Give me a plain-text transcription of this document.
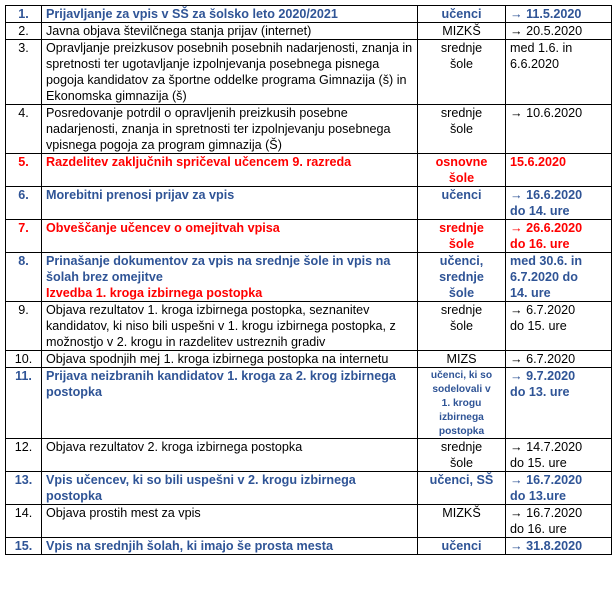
1.	Prijavljanje za vpis v SŠ za šolsko leto 2020/2021	učenci	→ 11.5.2020

2.	Javna objava številčnega stanja prijav (internet)	MIZKŠ	→ 20.5.2020

3.	Opravljanje preizkusov posebnih posebnih nadarjenosti, znanja in spretnosti ter ugotavljanje izpolnjevanja posebnega pisnega pogoja kandidatov za športne oddelke programa Gimnazija (š) in Ekonomska gimnazija (š)	srednje
šole	med 1.6. in
6.6.2020

4.	Posredovanje potrdil o opravljenih preizkusih posebne nadarjenosti, znanja in spretnosti ter izpolnjevanju posebnega vpisnega pogoja za program gimnazija (Š)	srednje
šole	→ 10.6.2020

5.	Razdelitev zaključnih spričeval učencem 9. razreda	osnovne
šole	15.6.2020

6.	Morebitni prenosi prijav za vpis	učenci	→ 16.6.2020
do 14. ure

7.	Obveščanje učencev o omejitvah vpisa	srednje
šole	→ 26.6.2020
do 16. ure

8.	Prinašanje dokumentov za vpis na srednje šole in vpis na šolah brez omejitve
Izvedba 1. kroga izbirnega postopka	učenci,
srednje
šole	med 30.6. in
6.7.2020 do
14. ure

9.	Objava rezultatov 1. kroga izbirnega postopka, seznanitev kandidatov, ki niso bili uspešni v 1. krogu izbirnega postopka, z možnostjo v 2. krogu in razdelitev ustreznih gradiv	srednje
šole	→ 6.7.2020
do 15. ure

10.	Objava spodnjih mej 1. kroga izbirnega postopka na internetu	MIZS	→ 6.7.2020

11.	Prijava neizbranih kandidatov 1. kroga za 2. krog izbirnega postopka	učenci, ki so
sodelovali v
1. krogu
izbirnega
postopka	→ 9.7.2020
do 13. ure

12.	Objava rezultatov 2. kroga izbirnega postopka	srednje
šole	→ 14.7.2020
do 15. ure

13.	Vpis učencev, ki so bili uspešni v 2. krogu izbirnega postopka	učenci, SŠ	→ 16.7.2020
do 13.ure

14.	Objava prostih mest za vpis	MIZKŠ	→ 16.7.2020
do 16. ure

15.	Vpis na srednjih šolah, ki imajo še prosta mesta	učenci	→ 31.8.2020
